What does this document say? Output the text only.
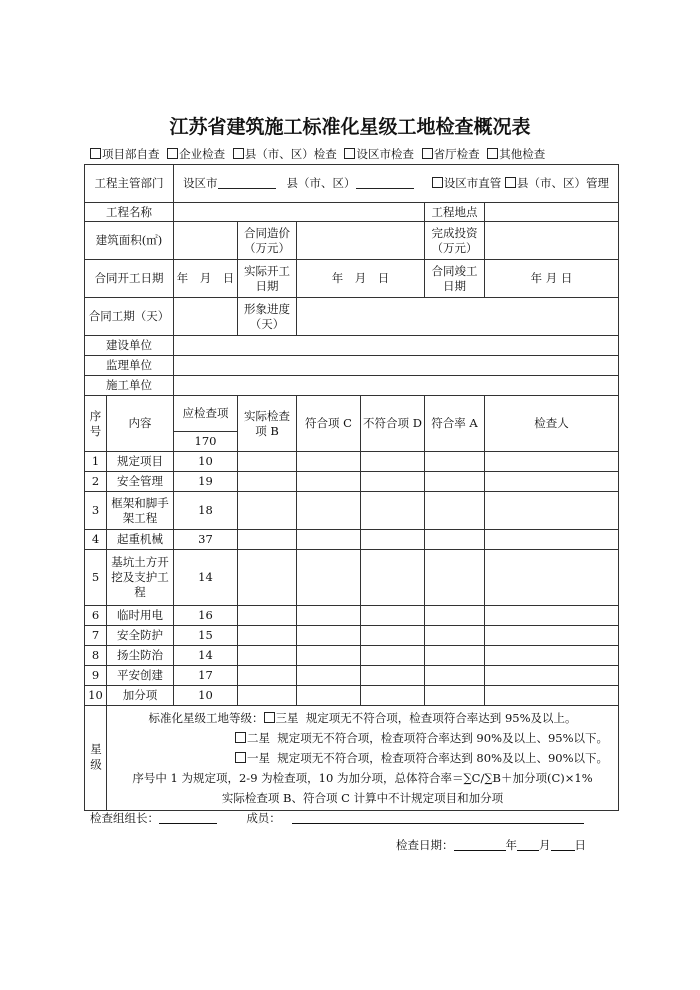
江苏省建筑施工标准化星级工地检查概况表
项目部自查 企业检查 县（市、区）检查 设区市检查 省厅检查 其他检查
工程主管部门		设区市 县（市、区） 设区市直管 县（市、区）管理					
工程名称						工程地点	
建筑面积(㎡)			合同造价（万元）			完成投资（万元）	
合同开工日期		年　月　日	实际开工日期	年　月　日		合同竣工日期	年 月 日
合同工期（天）			形象进度（天）				
建设单位							
监理单位							
施工单位							
序号	内容	应检查项	实际检查项 B	符合项 C	不符合项 D	符合率 A	检查人
		170					
1	规定项目	10					
2	安全管理	19					
3	框架和脚手架工程	18					
4	起重机械	37					
5	基坑土方开挖及支护工程	14					
6	临时用电	16					
7	安全防护	15					
8	扬尘防治	14					
9	平安创建	17					
10	加分项	10					
星级	标准化星级工地等级： 三星 规定项无不符合项，检查项符合率达到 95%及以上。
二星 规定项无不符合项，检查项符合率达到 90%及以上、95%以下。
一星 规定项无不符合项，检查项符合率达到 80%及以上、90%以下。
序号中 1 为规定项，2-9 为检查项，10 为加分项，总体符合率＝∑C/∑B＋加分项(C)×1%
实际检查项 B、符合项 C 计算中不计规定项目和加分项						
检查组组长：	成员：
检查日期：	年 月 日
